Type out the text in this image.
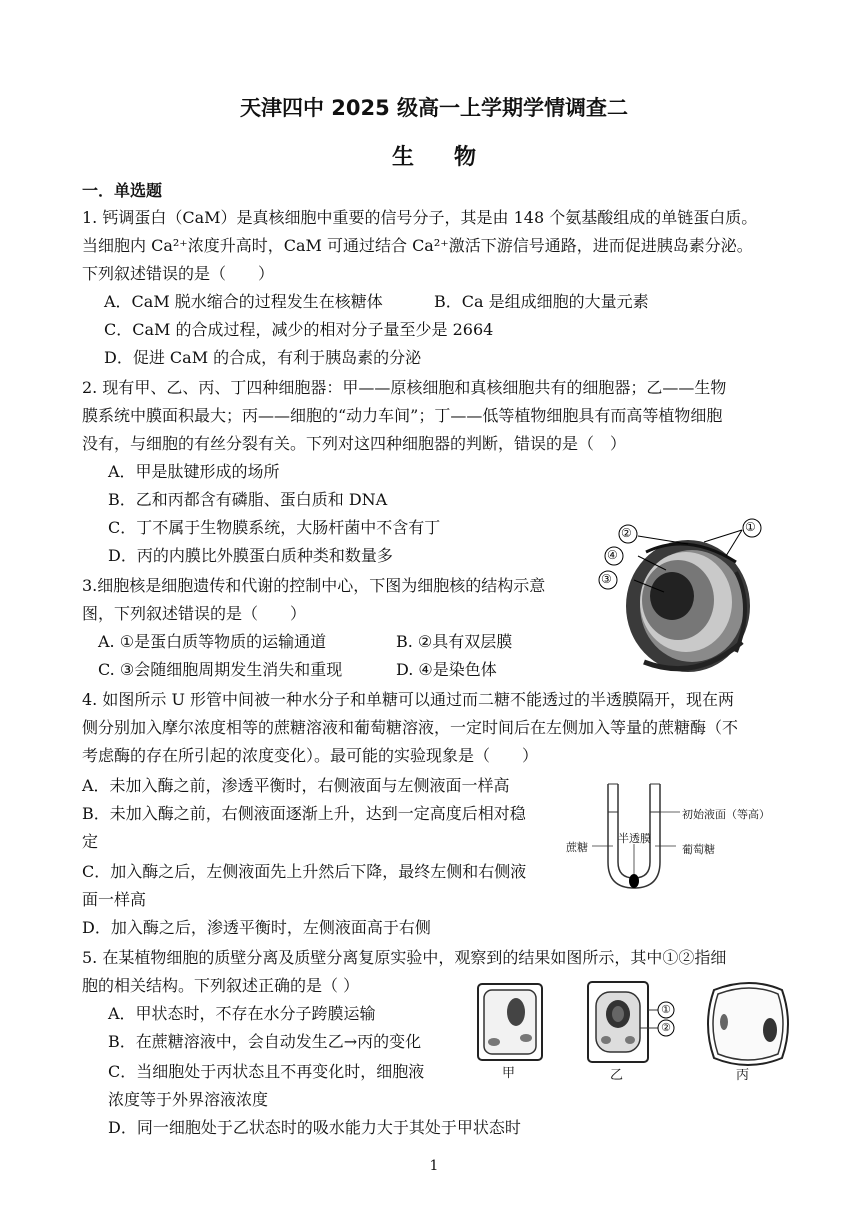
天津四中 2025 级高一上学期学情调查二
生物
一．单选题
1. 钙调蛋白（CaM）是真核细胞中重要的信号分子，其是由 148 个氨基酸组成的单链蛋白质。
当细胞内 Ca²⁺浓度升高时，CaM 可通过结合 Ca²⁺激活下游信号通路，进而促进胰岛素分泌。
下列叙述错误的是（　　）
A．CaM 脱水缩合的过程发生在核糖体	B．Ca 是组成细胞的大量元素
C．CaM 的合成过程，减少的相对分子量至少是 2664
D．促进 CaM 的合成，有利于胰岛素的分泌
2. 现有甲、乙、丙、丁四种细胞器：甲——原核细胞和真核细胞共有的细胞器；乙——生物
膜系统中膜面积最大；丙——细胞的“动力车间”；丁——低等植物细胞具有而高等植物细胞
没有，与细胞的有丝分裂有关。下列对这四种细胞器的判断，错误的是（　）
A．甲是肽键形成的场所
B．乙和丙都含有磷脂、蛋白质和 DNA
C．丁不属于生物膜系统，大肠杆菌中不含有丁
D．丙的内膜比外膜蛋白质种类和数量多
3.细胞核是细胞遗传和代谢的控制中心，下图为细胞核的结构示意
图，下列叙述错误的是（　　）
A. ①是蛋白质等物质的运输通道	B. ②具有双层膜
C. ③会随细胞周期发生消失和重现	D. ④是染色体
②
④
③
①
4. 如图所示 U 形管中间被一种水分子和单糖可以通过而二糖不能透过的半透膜隔开，现在两
侧分别加入摩尔浓度相等的蔗糖溶液和葡萄糖溶液，一定时间后在左侧加入等量的蔗糖酶（不
考虑酶的存在所引起的浓度变化）。最可能的实验现象是（　　）
A．未加入酶之前，渗透平衡时，右侧液面与左侧液面一样高
B．未加入酶之前，右侧液面逐渐上升，达到一定高度后相对稳
定
C．加入酶之后，左侧液面先上升然后下降，最终左侧和右侧液
面一样高
D．加入酶之后，渗透平衡时，左侧液面高于右侧
初始液面（等高）
半透膜
蔗糖	葡萄糖
5. 在某植物细胞的质壁分离及质壁分离复原实验中，观察到的结果如图所示，其中①②指细
胞的相关结构。下列叙述正确的是（ ）
A．甲状态时，不存在水分子跨膜运输
B．在蔗糖溶液中，会自动发生乙→丙的变化
C．当细胞处于丙状态且不再变化时，细胞液
浓度等于外界溶液浓度
D．同一细胞处于乙状态时的吸水能力大于其处于甲状态时
①
②
甲	乙	丙
1
